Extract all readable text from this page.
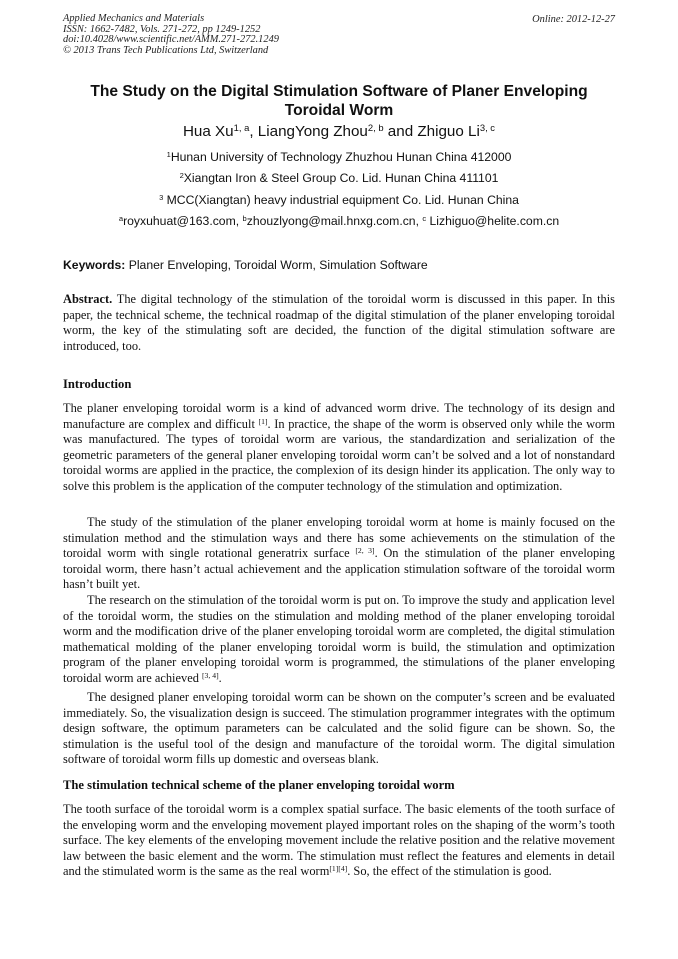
Applied Mechanics and Materials
ISSN: 1662-7482, Vols. 271-272, pp 1249-1252
doi:10.4028/www.scientific.net/AMM.271-272.1249
© 2013 Trans Tech Publications Ltd, Switzerland
Online: 2012-12-27
The Study on the Digital Stimulation Software of Planer Enveloping Toroidal Worm
Hua Xu$^{1, a}$, LiangYong Zhou$^{2, b}$ and Zhiguo Li$^{3, c}$
$^1$Hunan University of Technology Zhuzhou Hunan China 412000
$^2$Xiangtan Iron & Steel Group Co. Lid. Hunan China 411101
$^3$ MCC(Xiangtan) heavy industrial equipment Co. Lid. Hunan China
$^a$royxuhuat@163.com, $^b$zhouzlyong@mail.hnxg.com.cn, $^c$ Lizhiguo@helite.com.cn
Keywords: Planer Enveloping, Toroidal Worm, Simulation Software
Abstract. The digital technology of the stimulation of the toroidal worm is discussed in this paper. In this paper, the technical scheme, the technical roadmap of the digital stimulation of the planer enveloping toroidal worm, the key of the stimulating soft are decided, the function of the digital stimulation software are introduced, too.
Introduction
The planer enveloping toroidal worm is a kind of advanced worm drive. The technology of its design and manufacture are complex and difficult [1]. In practice, the shape of the worm is observed only while the worm was manufactured. The types of toroidal worm are various, the standardization and serialization of the geometric parameters of the general planer enveloping toroidal worm can’t be solved and a lot of nonstandard toroidal worms are applied in the practice, the complexion of its design hinder its application. The only way to solve this problem is the application of the computer technology of the stimulation and optimization.
The study of the stimulation of the planer enveloping toroidal worm at home is mainly focused on the stimulation method and the stimulation ways and there has some achievements on the stimulation of the toroidal worm with single rotational generatrix surface [2, 3]. On the stimulation of the planer enveloping toroidal worm, there hasn’t actual achievement and the application stimulation software of the toroidal worm hasn’t built yet.
The research on the stimulation of the toroidal worm is put on. To improve the study and application level of the toroidal worm, the studies on the stimulation and molding method of the planer enveloping toroidal worm and the modification drive of the planer enveloping toroidal worm are completed, the digital stimulation mathematical molding of the planer enveloping toroidal worm is build, the stimulation and optimization program of the planer enveloping toroidal worm is programmed, the stimulations of the planer enveloping toroidal worm are achieved [3, 4].
The designed planer enveloping toroidal worm can be shown on the computer’s screen and be evaluated immediately. So, the visualization design is succeed. The stimulation programmer integrates with the optimum design software, the optimum parameters can be calculated and the solid figure can be shown. So, the stimulation is the useful tool of the design and manufacture of the toroidal worm. The digital simulation software of toroidal worm fills up domestic and overseas blank.
The stimulation technical scheme of the planer enveloping toroidal worm
The tooth surface of the toroidal worm is a complex spatial surface. The basic elements of the tooth surface of the enveloping worm and the enveloping movement played important roles on the shaping of the worm’s tooth surface. The key elements of the enveloping movement include the relative position and the relative movement law between the basic element and the worm. The stimulation must reflect the features and elements in detail and the stimulated worm is the same as the real worm[1][4]. So, the effect of the stimulation is good.
